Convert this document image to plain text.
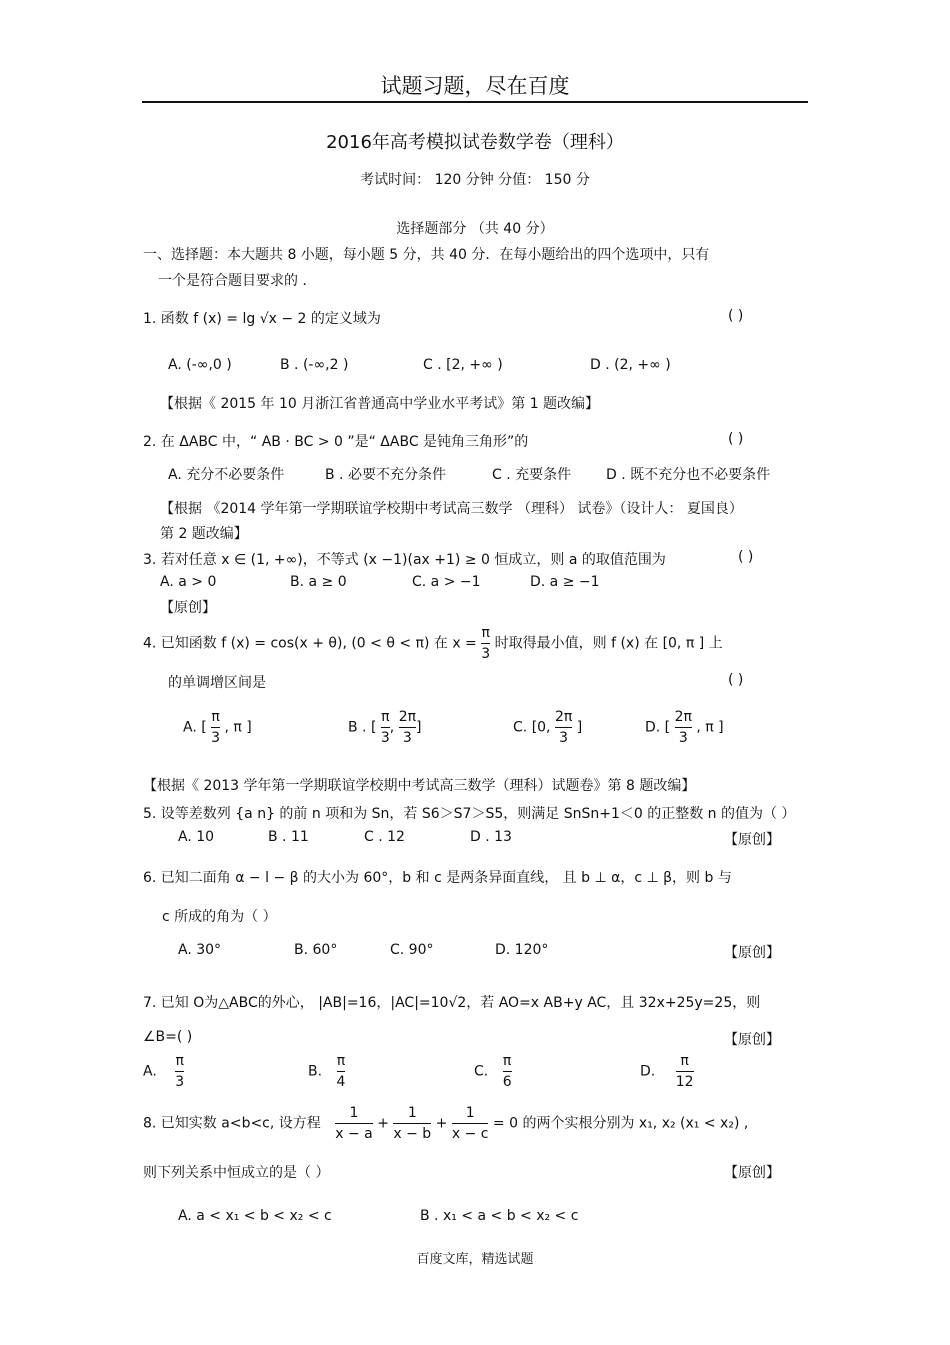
试题习题，尽在百度
2016年高考模拟试卷数学卷（理科）
考试时间： 120 分钟 分值： 150 分
选择题部分 （共 40 分）
一、选择题：本大题共 8 小题，每小题 5 分，共 40 分．在每小题给出的四个选项中，只有
一个是符合题目要求的 ．
1. 函数 f (x) = lg √x − 2 的定义域为	( )
A. (-∞,0 )	B . (-∞,2 )	C . [2, +∞ )	D . (2, +∞ )
【根据《 2015 年 10 月浙江省普通高中学业水平考试》第 1 题改编】
2. 在 ΔABC 中，“ AB · BC > 0 ”是“ ΔABC 是钝角三角形”的	( )
A. 充分不必要条件	B . 必要不充分条件	C . 充要条件 D . 既不充分也不必要条件
【根据 《2014 学年第一学期联谊学校期中考试高三数学 （理科） 试卷》（设计人： 夏国良）
第 2 题改编】
3. 若对任意 x ∈ (1, +∞)，不等式 (x −1)(ax +1) ≥ 0 恒成立，则 a 的取值范围为	( )
A. a > 0	B. a ≥ 0	C. a > −1	D. a ≥ −1
【原创】
4. 已知函数 f (x) = cos(x + θ), (0 < θ < π) 在 $x = \frac{\pi}{3}$ 时取得最小值，则 f (x) 在 [0, π ] 上
的单调增区间是	( )
A. [ $\frac{\pi}{3}$ , π ]	B . [ $\frac{\pi}{3}$ , $\frac{2\pi}{3}$ ]	C. [0, $\frac{2\pi}{3}$ ]	D. [ $\frac{2\pi}{3}$ , π ]
【根据《 2013 学年第一学期联谊学校期中考试高三数学（理科）试题卷》第 8 题改编】
5. 设等差数列 {a n} 的前 n 项和为 Sn，若 S6＞S7＞S5，则满足 SnSn+1＜0 的正整数 n 的值为（ ）
A. 10	B . 11	C . 12	D . 13	【原创】
6. 已知二面角 α − l − β 的大小为 60°，b 和 c 是两条异面直线， 且 b ⊥ α，c ⊥ β，则 b 与
c 所成的角为（ ）
A. 30°	B. 60°	C. 90°	D. 120°	【原创】
7. 已知 O为△ABC的外心， |AB|=16，|AC|=10√2，若 AO=x AB+y AC，且 32x+25y=25，则
∠B=( )	【原创】
A. $\frac{\pi}{3}$	B. $\frac{\pi}{4}$	C. $\frac{\pi}{6}$	D. $\frac{\pi}{12}$
8. 已知实数 a<b<c, 设方程 $\frac{1}{x - a} + \frac{1}{x - b} + \frac{1}{x - c} = 0$ 的两个实根分别为 x₁, x₂ (x₁ < x₂) ,
则下列关系中恒成立的是（ ）	【原创】
A. a < x₁ < b < x₂ < c	B . x₁ < a < b < x₂ < c
百度文库，精选试题
